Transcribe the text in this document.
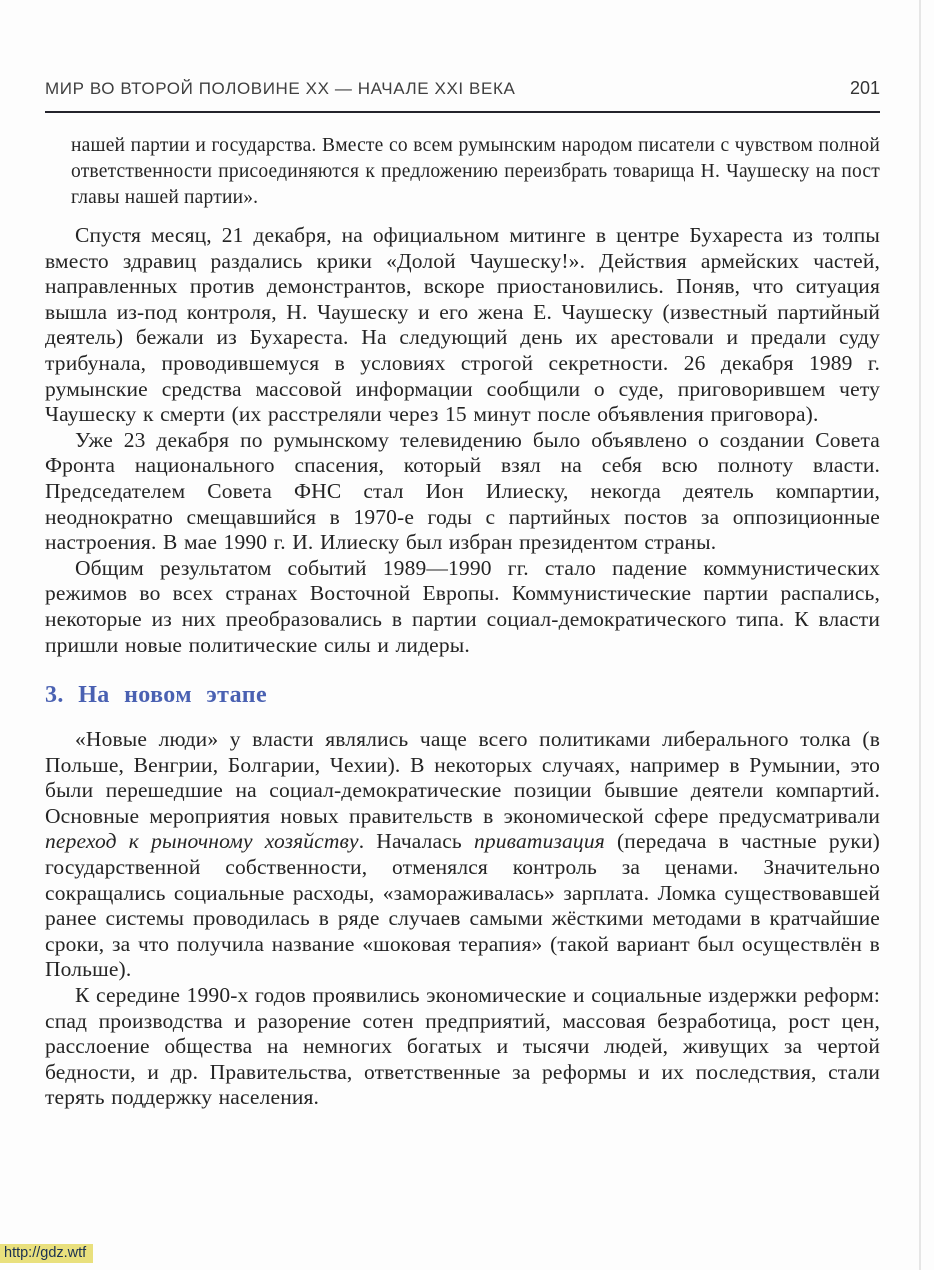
МИР ВО ВТОРОЙ ПОЛОВИНЕ XX — НАЧАЛЕ XXI ВЕКА	201

нашей партии и государства. Вместе со всем румынским народом писатели с чувством полной ответственности присоединяются к предложению переизбрать товарища Н. Чаушеску на пост главы нашей партии».

Спустя месяц, 21 декабря, на официальном митинге в центре Бухареста из толпы вместо здравиц раздались крики «Долой Чаушеску!». Действия армейских частей, направленных против демонстрантов, вскоре приостановились. Поняв, что ситуация вышла из-под контроля, Н. Чаушеску и его жена Е. Чаушеску (известный партийный деятель) бежали из Бухареста. На следующий день их арестовали и предали суду трибунала, проводившемуся в условиях строгой секретности. 26 декабря 1989 г. румынские средства массовой информации сообщили о суде, приговорившем чету Чаушеску к смерти (их расстреляли через 15 минут после объявления приговора).

Уже 23 декабря по румынскому телевидению было объявлено о создании Совета Фронта национального спасения, который взял на себя всю полноту власти. Председателем Совета ФНС стал Ион Илиеску, некогда деятель компартии, неоднократно смещавшийся в 1970-е годы с партийных постов за оппозиционные настроения. В мае 1990 г. И. Илиеску был избран президентом страны.

Общим результатом событий 1989—1990 гг. стало падение коммунистических режимов во всех странах Восточной Европы. Коммунистические партии распались, некоторые из них преобразовались в партии социал-демократического типа. К власти пришли новые политические силы и лидеры.

3. На новом этапе

«Новые люди» у власти являлись чаще всего политиками либерального толка (в Польше, Венгрии, Болгарии, Чехии). В некоторых случаях, например в Румынии, это были перешедшие на социал-демократические позиции бывшие деятели компартий. Основные мероприятия новых правительств в экономической сфере предусматривали переход к рыночному хозяйству. Началась приватизация (передача в частные руки) государственной собственности, отменялся контроль за ценами. Значительно сокращались социальные расходы, «замораживалась» зарплата. Ломка существовавшей ранее системы проводилась в ряде случаев самыми жёсткими методами в кратчайшие сроки, за что получила название «шоковая терапия» (такой вариант был осуществлён в Польше).

К середине 1990-х годов проявились экономические и социальные издержки реформ: спад производства и разорение сотен предприятий, массовая безработица, рост цен, расслоение общества на немногих богатых и тысячи людей, живущих за чертой бедности, и др. Правительства, ответственные за реформы и их последствия, стали терять поддержку населения.

http://gdz.wtf
